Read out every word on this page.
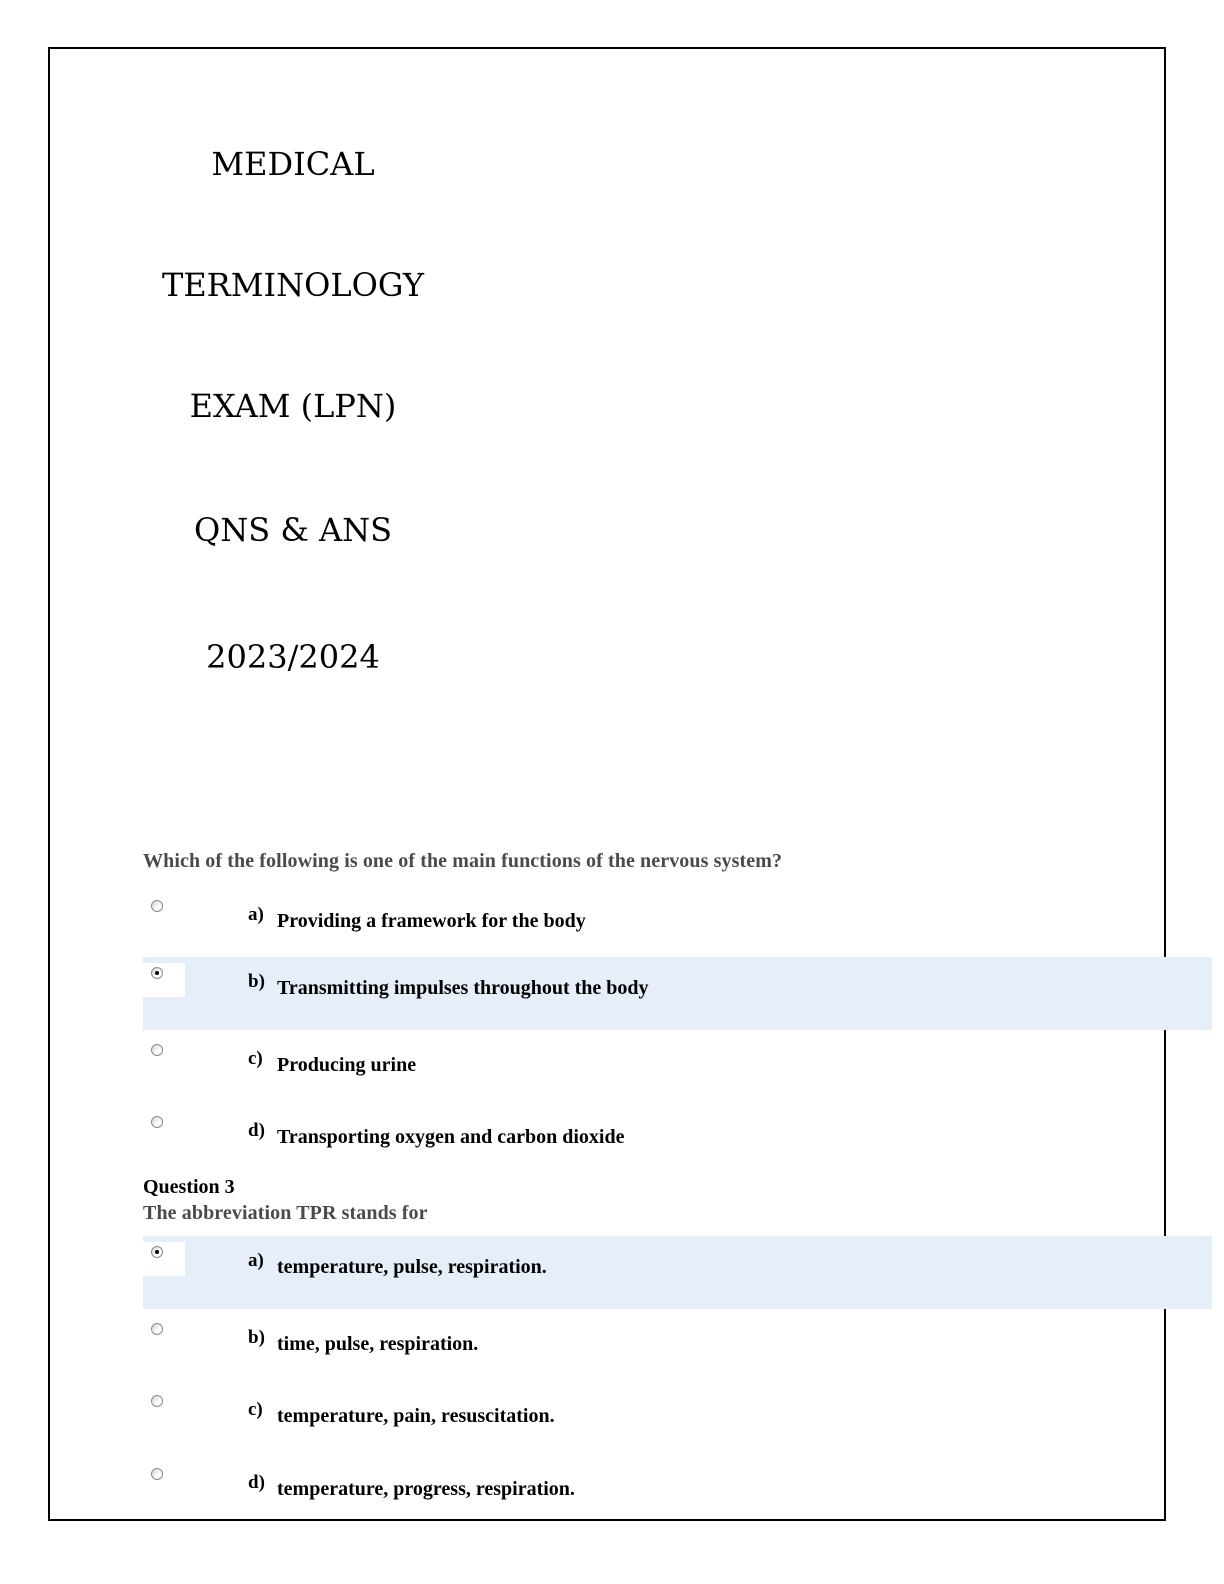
MEDICAL
TERMINOLOGY
EXAM (LPN)
QNS & ANS
2023/2024
Which of the following is one of the main functions of the nervous system?
a) Providing a framework for the body
b) Transmitting impulses throughout the body
c) Producing urine
d) Transporting oxygen and carbon dioxide
Question 3
The abbreviation TPR stands for
a) temperature, pulse, respiration.
b) time, pulse, respiration.
c) temperature, pain, resuscitation.
d) temperature, progress, respiration.
